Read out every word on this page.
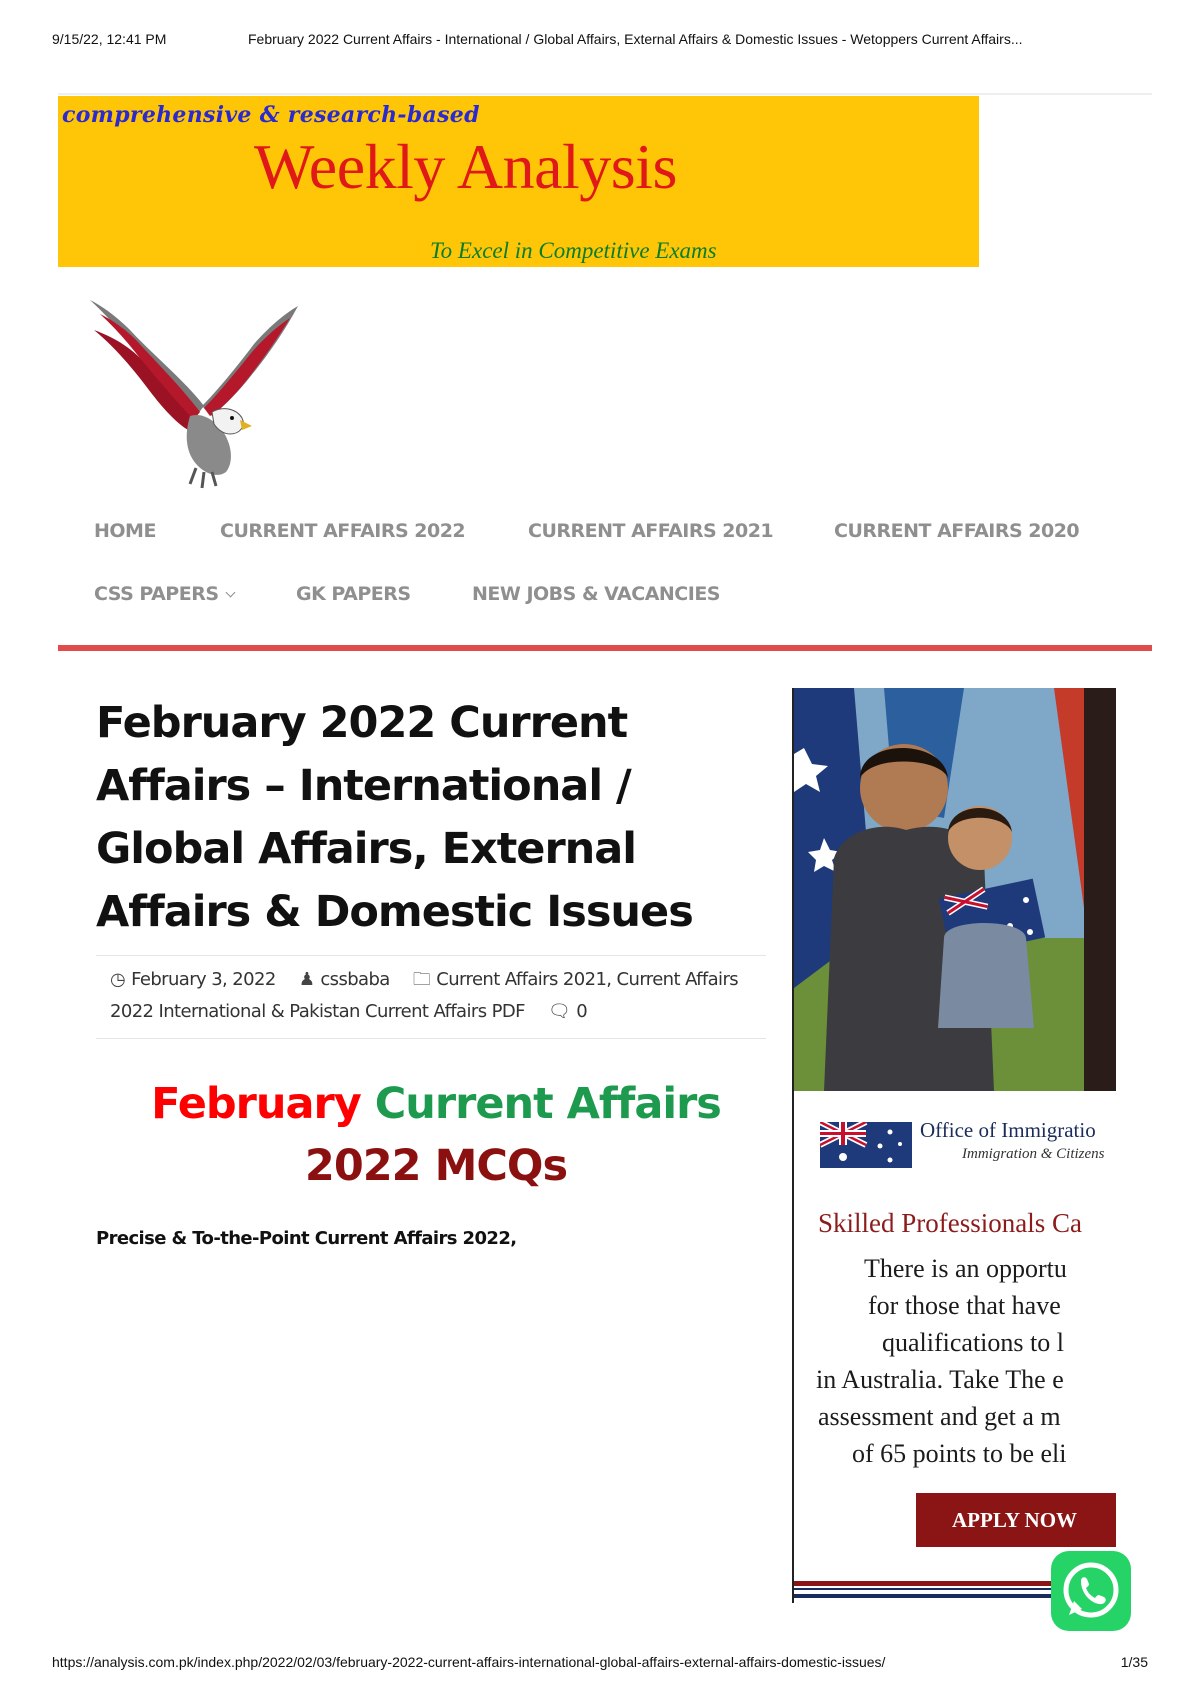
9/15/22, 12:41 PM	February 2022 Current Affairs - International / Global Affairs, External Affairs & Domestic Issues - Wetoppers Current Affairs...
comprehensive & research-based
Weekly Analysis
To Excel in Competitive Exams
HOME	CURRENT AFFAIRS 2022	CURRENT AFFAIRS 2021	CURRENT AFFAIRS 2020
CSS PAPERS	GK PAPERS	NEW JOBS & VACANCIES
February 2022 Current Affairs – International / Global Affairs, External Affairs & Domestic Issues
◷ February 3, 2022 ♟ cssbaba 🗀 Current Affairs 2021, Current Affairs 2022 International & Pakistan Current Affairs PDF 🗨 0
February Current Affairs
2022 MCQs
Precise & To-the-Point Current Affairs 2022,
Office of Immigratio
Immigration & Citizens
Skilled Professionals Ca
There is an opportu
for those that have
qualifications to l
in Australia. Take The e
assessment and get a m
of 65 points to be eli
APPLY NOW
https://analysis.com.pk/index.php/2022/02/03/february-2022-current-affairs-international-global-affairs-external-affairs-domestic-issues/	1/35
